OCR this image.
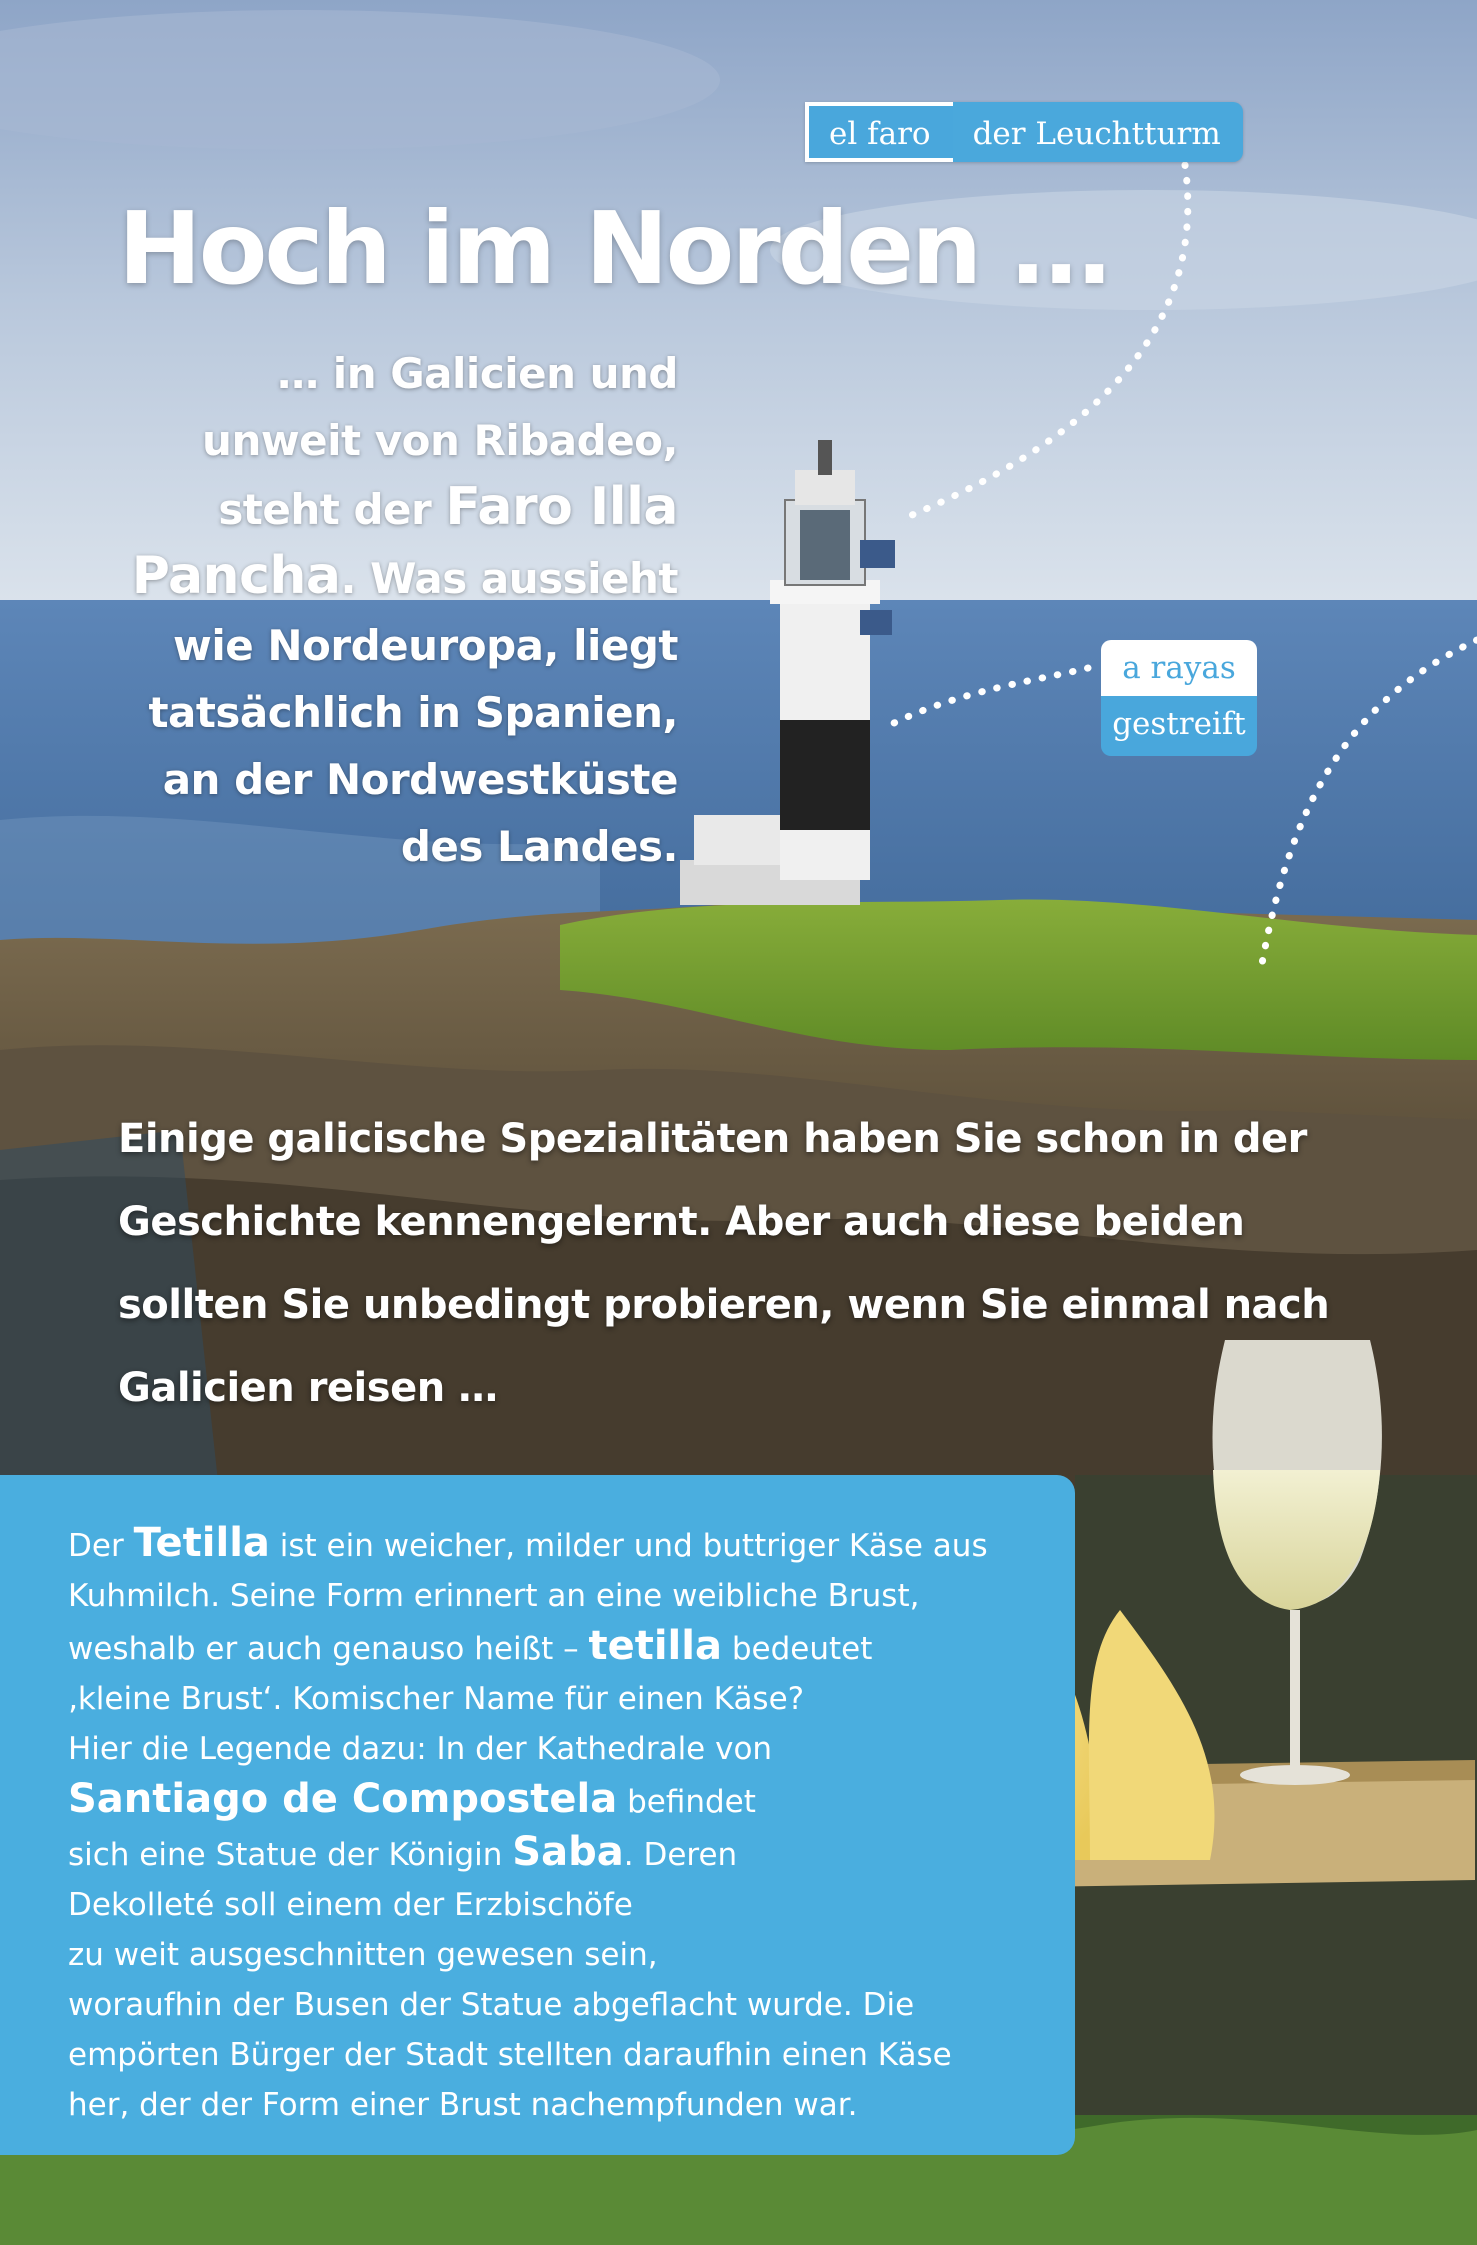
el faro	der Leuchtturm
a rayas
gestreift
Hoch im Norden …
… in Galicien und
unweit von Ribadeo,
steht der Faro Illa
Pancha. Was aussieht
wie Nordeuropa, liegt
tatsächlich in Spanien,
an der Nordwestküste
des Landes.
Einige galicische Spezialitäten haben Sie schon in der
Geschichte kennengelernt. Aber auch diese beiden
sollten Sie unbedingt probieren, wenn Sie einmal nach
Galicien reisen …
Der Tetilla ist ein weicher, milder und buttriger Käse aus
Kuhmilch. Seine Form erinnert an eine weibliche Brust,
weshalb er auch genauso heißt – tetilla bedeutet
‚kleine Brust‘. Komischer Name für einen Käse?
Hier die Legende dazu: In der Kathedrale von
Santiago de Compostela befindet
sich eine Statue der Königin Saba. Deren
Dekolleté soll einem der Erzbischöfe
zu weit ausgeschnitten gewesen sein,
woraufhin der Busen der Statue abgeflacht wurde. Die
empörten Bürger der Stadt stellten daraufhin einen Käse
her, der der Form einer Brust nachempfunden war.
